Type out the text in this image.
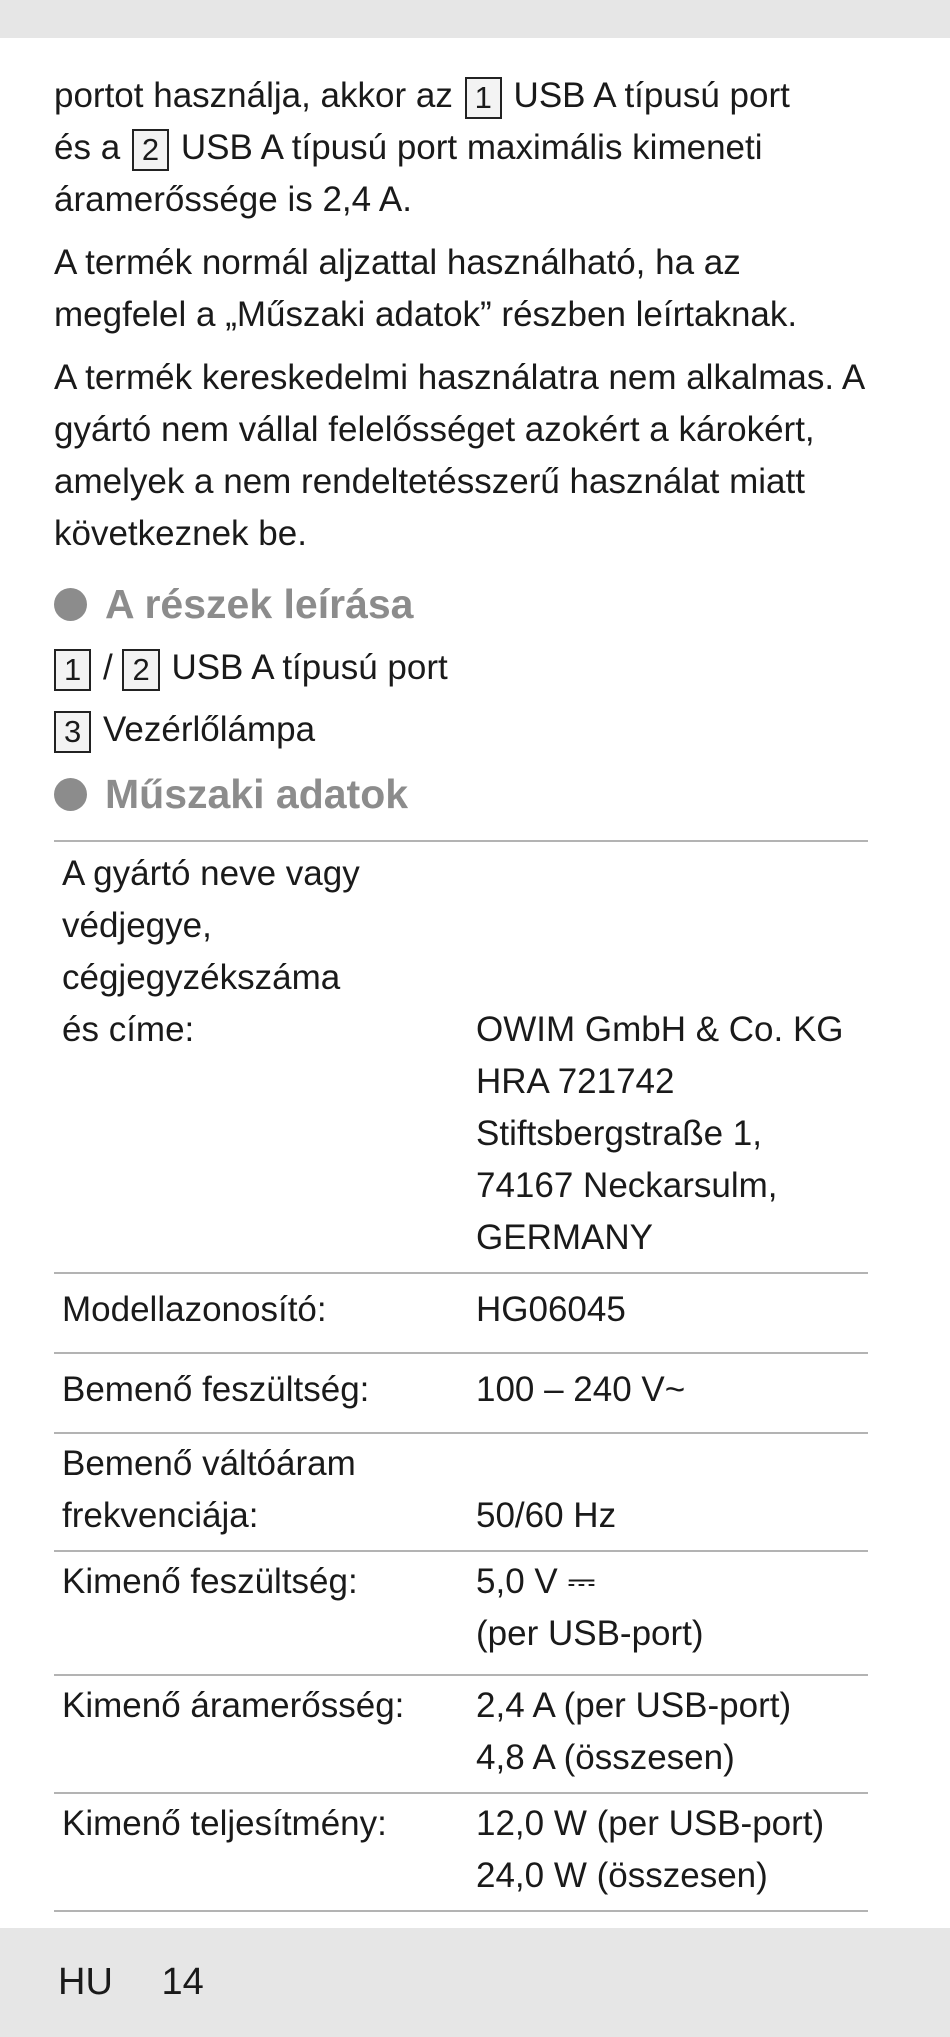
portot használja, akkor az 1 USB A típusú port
és a 2 USB A típusú port maximális kimeneti
áramerőssége is 2,4 A.

A termék normál aljzattal használható, ha az megfelel a „Műszaki adatok” részben leírtaknak.

A termék kereskedelmi használatra nem alkalmas. A gyártó nem vállal felelősséget azokért a károkért, amelyek a nem rendeltetésszerű használat miatt következnek be.

A részek leírása
1 / 2 USB A típusú port
3 Vezérlőlámpa
Műszaki adatok
A gyártó neve vagy
védjegye,
cégjegyzékszáma
és címe:	OWIM GmbH & Co. KG
HRA 721742
Stiftsbergstraße 1,
74167 Neckarsulm,
GERMANY

Modellazonosító:	HG06045
Bemenő feszültség:	100 – 240 V~

Bemenő váltóáram
frekvenciája:	50/60 Hz
Kimenő feszültség:	5,0 V ⎓
(per USB-port)

Kimenő áramerősség:	2,4 A (per USB-port)
4,8 A (összesen)

Kimenő teljesítmény:	12,0 W (per USB-port)
24,0 W (összesen)
HU 14
